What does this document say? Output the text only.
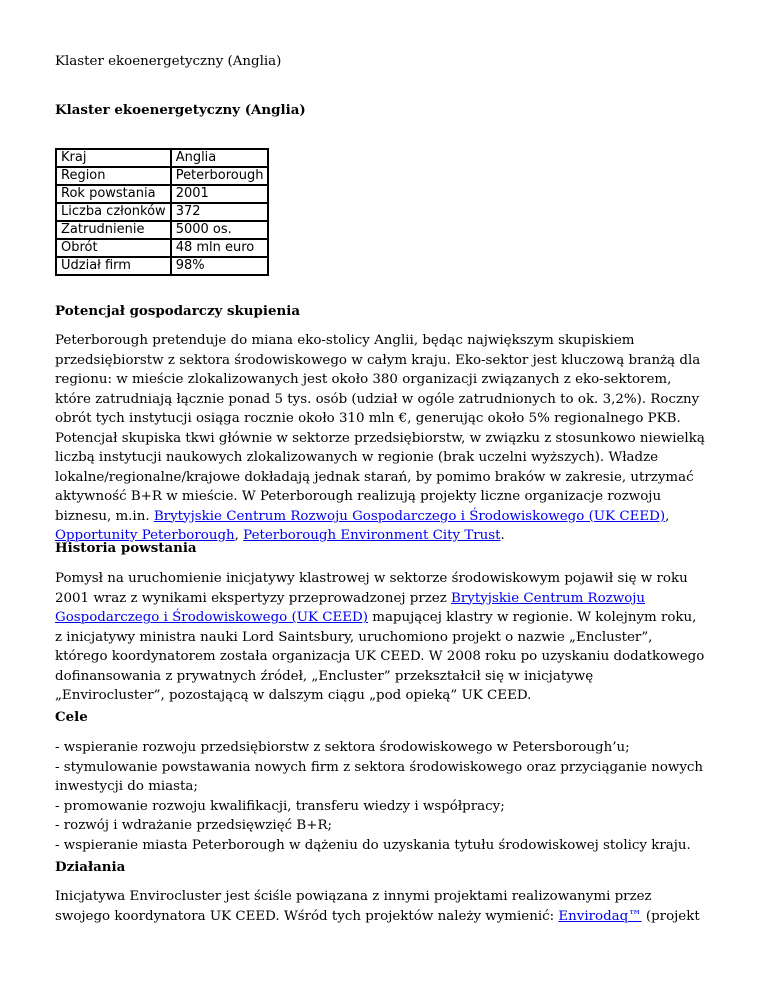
Klaster ekoenergetyczny (Anglia)

Klaster ekoenergetyczny (Anglia)
Kraj	Anglia
Region	Peterborough
Rok powstania	2001
Liczba członków	372
Zatrudnienie	5000 os.
Obrót	48 mln euro
Udział firm	98%
Potencjał gospodarczy skupienia

Peterborough pretenduje do miana eko-stolicy Anglii, będąc największym skupiskiem przedsiębiorstw z sektora środowiskowego w całym kraju. Eko-sektor jest kluczową branżą dla regionu: w mieście zlokalizowanych jest około 380 organizacji związanych z eko-sektorem, które zatrudniają łącznie ponad 5 tys. osób (udział w ogóle zatrudnionych to ok. 3,2%). Roczny obrót tych instytucji osiąga rocznie około 310 mln €, generując około 5% regionalnego PKB. Potencjał skupiska tkwi głównie w sektorze przedsiębiorstw, w związku z stosunkowo niewielką liczbą instytucji naukowych zlokalizowanych w regionie (brak uczelni wyższych). Władze lokalne/regionalne/krajowe dokładają jednak starań, by pomimo braków w zakresie, utrzymać aktywność B+R w mieście. W Peterborough realizują projekty liczne organizacje rozwoju biznesu, m.in. Brytyjskie Centrum Rozwoju Gospodarczego i Środowiskowego (UK CEED), Opportunity Peterborough, Peterborough Environment City Trust.

Historia powstania

Pomysł na uruchomienie inicjatywy klastrowej w sektorze środowiskowym pojawił się w roku 2001 wraz z wynikami ekspertyzy przeprowadzonej przez Brytyjskie Centrum Rozwoju Gospodarczego i Środowiskowego (UK CEED) mapującej klastry w regionie. W kolejnym roku, z inicjatywy ministra nauki Lord Saintsbury, uruchomiono projekt o nazwie „Encluster”, którego koordynatorem została organizacja UK CEED. W 2008 roku po uzyskaniu dodatkowego dofinansowania z prywatnych źródeł, „Encluster” przekształcił się w inicjatywę „Envirocluster”, pozostającą w dalszym ciągu „pod opieką” UK CEED.

Cele

- wspieranie rozwoju przedsiębiorstw z sektora środowiskowego w Petersborough’u;

- stymulowanie powstawania nowych firm z sektora środowiskowego oraz przyciąganie nowych inwestycji do miasta;

- promowanie rozwoju kwalifikacji, transferu wiedzy i współpracy;

- rozwój i wdrażanie przedsięwzięć B+R;

- wspieranie miasta Peterborough w dążeniu do uzyskania tytułu środowiskowej stolicy kraju.

Działania

Inicjatywa Envirocluster jest ściśle powiązana z innymi projektami realizowanymi przez swojego koordynatora UK CEED. Wśród tych projektów należy wymienić: Envirodaq™ (projekt
